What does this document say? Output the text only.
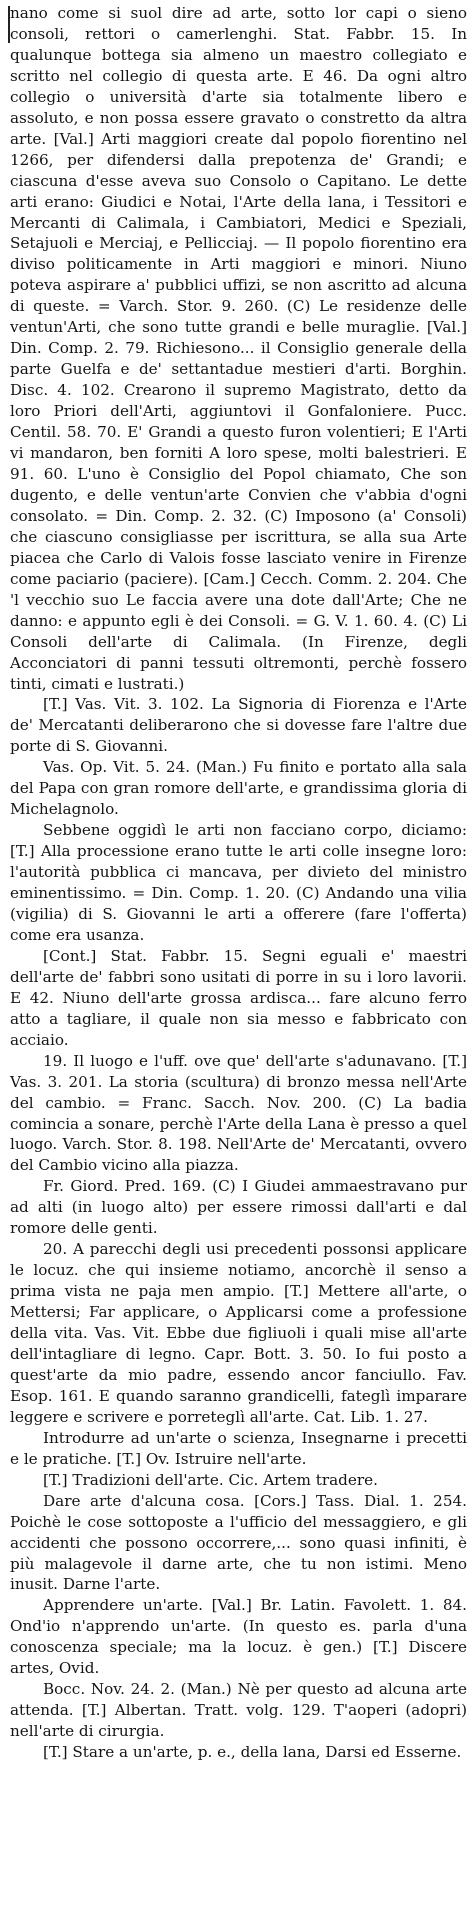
nano come si suol dire ad arte, sotto lor capi o sieno consoli, rettori o camerlenghi. Stat. Fabbr. 15. In qualunque bottega sia almeno un maestro collegiato e scritto nel collegio di questa arte. E 46. Da ogni altro collegio o università d'arte sia totalmente libero e assoluto, e non possa essere gravato o constretto da altra arte. [Val.] Arti maggiori create dal popolo fiorentino nel 1266, per difendersi dalla prepotenza de' Grandi; e ciascuna d'esse aveva suo Consolo o Capitano. Le dette arti erano: Giudici e Notai, l'Arte della lana, i Tessitori e Mercanti di Calimala, i Cambiatori, Medici e Speziali, Setajuoli e Merciaj, e Pellicciaj. — Il popolo fiorentino era diviso politicamente in Arti maggiori e minori. Niuno poteva aspirare a' pubblici uffizi, se non ascritto ad alcuna di queste. = Varch. Stor. 9. 260. (C) Le residenze delle ventun'Arti, che sono tutte grandi e belle muraglie. [Val.] Din. Comp. 2. 79. Richiesono... il Consiglio generale della parte Guelfa e de' settantadue mestieri d'arti. Borghin. Disc. 4. 102. Crearono il supremo Magistrato, detto da loro Priori dell'Arti, aggiuntovi il Gonfaloniere. Pucc. Centil. 58. 70. E' Grandi a questo furon volentieri; E l'Arti vi mandaron, ben forniti A loro spese, molti balestrieri. E 91. 60. L'uno è Consiglio del Popol chiamato, Che son dugento, e delle ventun'arte Convien che v'abbia d'ogni consolato. = Din. Comp. 2. 32. (C) Imposono (a' Consoli) che ciascuno consigliasse per iscrittura, se alla sua Arte piacea che Carlo di Valois fosse lasciato venire in Firenze come paciario (paciere). [Cam.] Cecch. Comm. 2. 204. Che 'l vecchio suo Le faccia avere una dote dall'Arte; Che ne danno: e appunto egli è dei Consoli. = G. V. 1. 60. 4. (C) Li Consoli dell'arte di Calimala. (In Firenze, degli Acconciatori di panni tessuti oltremonti, perchè fossero tinti, cimati e lustrati.)

[T.] Vas. Vit. 3. 102. La Signoria di Fiorenza e l'Arte de' Mercatanti deliberarono che si dovesse fare l'altre due porte di S. Giovanni.

Vas. Op. Vit. 5. 24. (Man.) Fu finito e portato alla sala del Papa con gran romore dell'arte, e grandissima gloria di Michelagnolo.

Sebbene oggidì le arti non facciano corpo, diciamo: [T.] Alla processione erano tutte le arti colle insegne loro: l'autorità pubblica ci mancava, per divieto del ministro eminentissimo. = Din. Comp. 1. 20. (C) Andando una vilia (vigilia) di S. Giovanni le arti a offerere (fare l'offerta) come era usanza.

[Cont.] Stat. Fabbr. 15. Segni eguali e' maestri dell'arte de' fabbri sono usitati di porre in su i loro lavorii. E 42. Niuno dell'arte grossa ardisca... fare alcuno ferro atto a tagliare, il quale non sia messo e fabbricato con acciaio.

19. Il luogo e l'uff. ove que' dell'arte s'adunavano. [T.] Vas. 3. 201. La storia (scultura) di bronzo messa nell'Arte del cambio. = Franc. Sacch. Nov. 200. (C) La badia comincia a sonare, perchè l'Arte della Lana è presso a quel luogo. Varch. Stor. 8. 198. Nell'Arte de' Mercatanti, ovvero del Cambio vicino alla piazza.

Fr. Giord. Pred. 169. (C) I Giudei ammaestravano pur ad alti (in luogo alto) per essere rimossi dall'arti e dal romore delle genti.

20. A parecchi degli usi precedenti possonsi applicare le locuz. che qui insieme notiamo, ancorchè il senso a prima vista ne paja men ampio. [T.] Mettere all'arte, o Mettersi; Far applicare, o Applicarsi come a professione della vita. Vas. Vit. Ebbe due figliuoli i quali mise all'arte dell'intagliare di legno. Capr. Bott. 3. 50. Io fui posto a quest'arte da mio padre, essendo ancor fanciullo. Fav. Esop. 161. E quando saranno grandicelli, fateglì imparare leggere e scrivere e porreteglì all'arte. Cat. Lib. 1. 27.

Introdurre ad un'arte o scienza, Insegnarne i precetti e le pratiche. [T.] Ov. Istruire nell'arte.

[T.] Tradizioni dell'arte. Cic. Artem tradere.

Dare arte d'alcuna cosa. [Cors.] Tass. Dial. 1. 254. Poichè le cose sottoposte a l'ufficio del messaggiero, e gli accidenti che possono occorrere,... sono quasi infiniti, è più malagevole il darne arte, che tu non istimi. Meno inusit. Darne l'arte.

Apprendere un'arte. [Val.] Br. Latin. Favolett. 1. 84. Ond'io n'apprendo un'arte. (In questo es. parla d'una conoscenza speciale; ma la locuz. è gen.) [T.] Discere artes, Ovid.

Bocc. Nov. 24. 2. (Man.) Nè per questo ad alcuna arte attenda. [T.] Albertan. Tratt. volg. 129. T'aoperi (adopri) nell'arte di cirurgia.

[T.] Stare a un'arte, p. e., della lana, Darsi ed Esserne.
